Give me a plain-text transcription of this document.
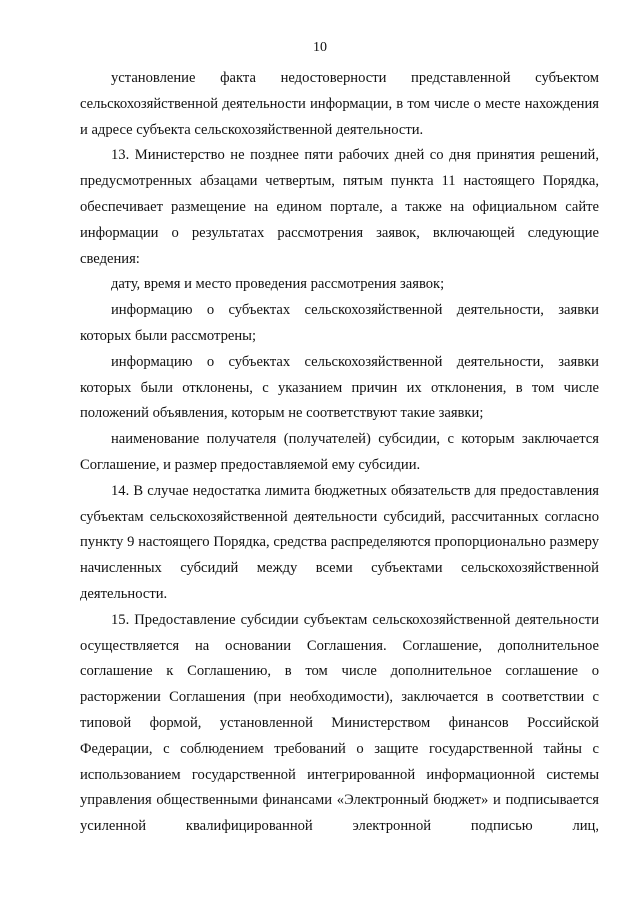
10

установление факта недостоверности представленной субъектом сельскохозяйственной деятельности информации, в том числе о месте нахождения и адресе субъекта сельскохозяйственной деятельности.

13. Министерство не позднее пяти рабочих дней со дня принятия решений, предусмотренных абзацами четвертым, пятым пункта 11 настоящего Порядка, обеспечивает размещение на едином портале, а также на официальном сайте информации о результатах рассмотрения заявок, включающей следующие сведения:

дату, время и место проведения рассмотрения заявок;

информацию о субъектах сельскохозяйственной деятельности, заявки которых были рассмотрены;

информацию о субъектах сельскохозяйственной деятельности, заявки которых были отклонены, с указанием причин их отклонения, в том числе положений объявления, которым не соответствуют такие заявки;

наименование получателя (получателей) субсидии, с которым заключается Соглашение, и размер предоставляемой ему субсидии.

14. В случае недостатка лимита бюджетных обязательств для предоставления субъектам сельскохозяйственной деятельности субсидий, рассчитанных согласно пункту 9 настоящего Порядка, средства распределяются пропорционально размеру начисленных субсидий между всеми субъектами сельскохозяйственной деятельности.

15. Предоставление субсидии субъектам сельскохозяйственной деятельности осуществляется на основании Соглашения. Соглашение, дополнительное соглашение к Соглашению, в том числе дополнительное соглашение о расторжении Соглашения (при необходимости), заключается в соответствии с типовой формой, установленной Министерством финансов Российской Федерации, с соблюдением требований о защите государственной тайны с использованием государственной интегрированной информационной системы управления общественными финансами «Электронный бюджет» и подписывается усиленной квалифицированной электронной подписью лиц,
